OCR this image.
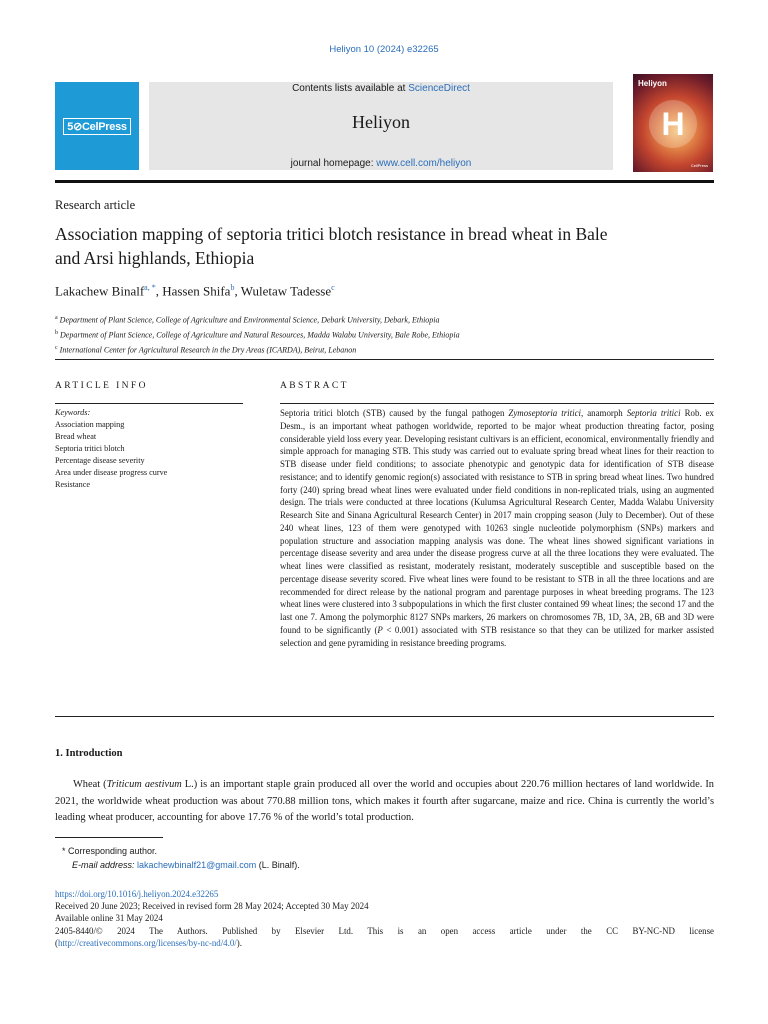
Heliyon 10 (2024) e32265
5⊘CelPress
Contents lists available at ScienceDirect
Heliyon
journal homepage: www.cell.com/heliyon
Heliyon
H
CellPress
Research article
Association mapping of septoria tritici blotch resistance in bread wheat in Bale and Arsi highlands, Ethiopia
Lakachew Binalf$^{a, *}$, Hassen Shifa$^b$, Wuletaw Tadesse$^c$
$^a$ Department of Plant Science, College of Agriculture and Environmental Science, Debark University, Debark, Ethiopia
$^b$ Department of Plant Science, College of Agriculture and Natural Resources, Madda Walabu University, Bale Robe, Ethiopia
$^c$ International Center for Agricultural Research in the Dry Areas (ICARDA), Beirut, Lebanon
ARTICLE INFO	ABSTRACT
Keywords:
Association mapping
Bread wheat
Septoria tritici blotch
Percentage disease severity
Area under disease progress curve
Resistance
Septoria tritici blotch (STB) caused by the fungal pathogen Zymoseptoria tritici, anamorph Septoria tritici Rob. ex Desm., is an important wheat pathogen worldwide, reported to be major wheat production threating factor, posing considerable yield loss every year. Developing resistant cultivars is an efficient, economical, environmentally friendly and simple approach for managing STB. This study was carried out to evaluate spring bread wheat lines for their reaction to STB disease under field conditions; to associate phenotypic and genotypic data for identification of STB disease resistance; and to identify genomic region(s) associated with resistance to STB in spring bread wheat lines. Two hundred forty (240) spring bread wheat lines were evaluated under field conditions in non-replicated trials, using an augmented design. The trials were conducted at three locations (Kulumsa Agricultural Research Center, Madda Walabu University Research Site and Sinana Agricultural Research Center) in 2017 main cropping season (July to December). Out of these 240 wheat lines, 123 of them were genotyped with 10263 single nucleotide polymorphism (SNPs) markers and population structure and association mapping analysis was done. The wheat lines showed significant variations in percentage disease severity and area under the disease progress curve at all the three locations they were evaluated. The wheat lines were classified as resistant, moderately resistant, moderately susceptible and susceptible based on the percentage disease severity scored. Five wheat lines were found to be resistant to STB in all the three locations and are recommended for direct release by the national program and parentage purposes in wheat breeding programs. The 123 wheat lines were clustered into 3 subpopulations in which the first cluster contained 99 wheat lines; the second 17 and the last one 7. Among the polymorphic 8127 SNPs markers, 26 markers on chromosomes 7B, 1D, 3A, 2B, 6B and 3D were found to be significantly (P < 0.001) associated with STB resistance so that they can be utilized for marker assisted selection and gene pyramiding in resistance breeding programs.
1. Introduction
Wheat (Triticum aestivum L.) is an important staple grain produced all over the world and occupies about 220.76 million hectares of land worldwide. In 2021, the worldwide wheat production was about 770.88 million tons, which makes it fourth after sugarcane, maize and rice. China is currently the world’s leading wheat producer, accounting for above 17.76 % of the world’s total production.
* Corresponding author.
E-mail address: lakachewbinalf21@gmail.com (L. Binalf).
https://doi.org/10.1016/j.heliyon.2024.e32265
Received 20 June 2023; Received in revised form 28 May 2024; Accepted 30 May 2024
Available online 31 May 2024
2405-8440/© 2024 The Authors. Published by Elsevier Ltd. This is an open access article under the CC BY-NC-ND license
(http://creativecommons.org/licenses/by-nc-nd/4.0/).
